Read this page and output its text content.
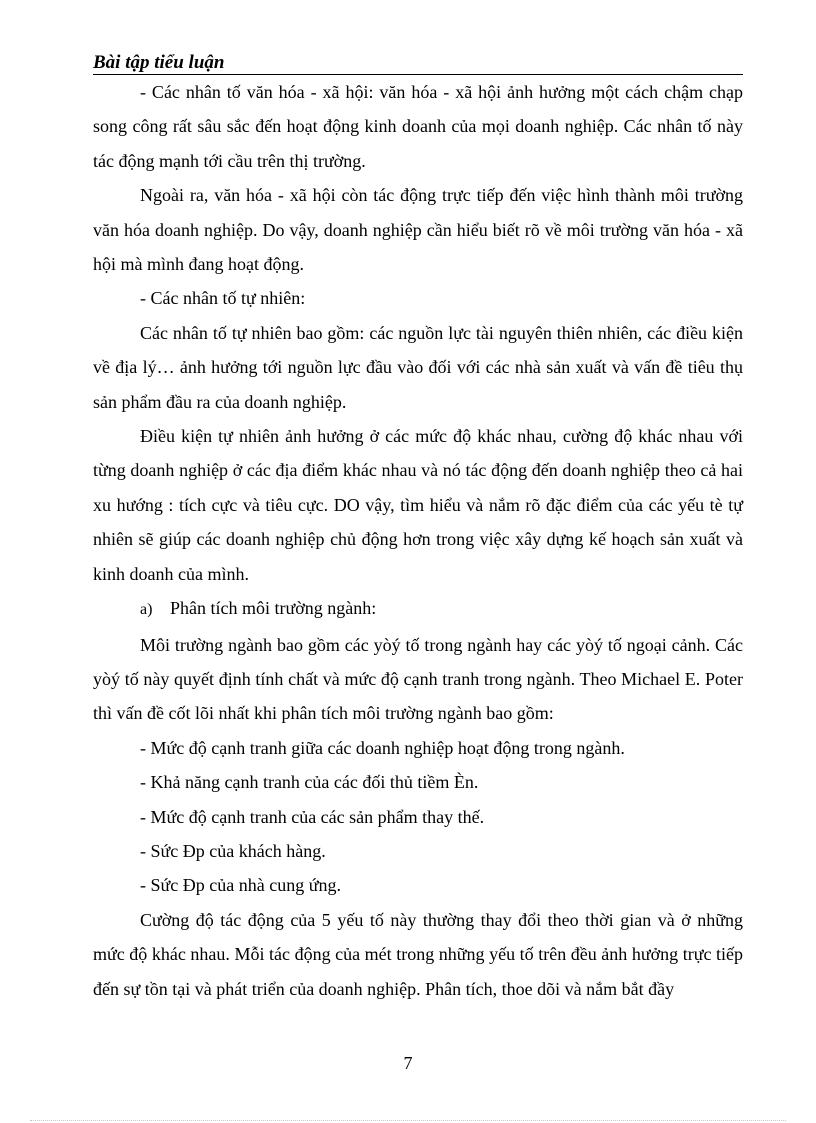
Bài tập tiểu luận

- Các nhân tố văn hóa - xã hội: văn hóa - xã hội ảnh hưởng một cách chậm chạp song công rất sâu sắc đến hoạt động kinh doanh của mọi doanh nghiệp. Các nhân tố này tác động mạnh tới cầu trên thị trường.

Ngoài ra, văn hóa - xã hội còn tác động trực tiếp đến việc hình thành môi trường văn hóa doanh nghiệp. Do vậy, doanh nghiệp cần hiểu biết rõ về môi trường văn hóa - xã hội mà mình đang hoạt động.

- Các nhân tố tự nhiên:

Các nhân tố tự nhiên bao gồm: các nguồn lực tài nguyên thiên nhiên, các điều kiện về địa lý… ảnh hưởng tới nguồn lực đầu vào đối với các nhà sản xuất và vấn đề tiêu thụ sản phẩm đầu ra của doanh nghiệp.

Điều kiện tự nhiên ảnh hưởng ở các mức độ khác nhau, cường độ khác nhau với từng doanh nghiệp ở các địa điểm khác nhau và nó tác động đến doanh nghiệp theo cả hai xu hướng : tích cực và tiêu cực. DO vậy, tìm hiểu và nắm rõ đặc điểm của các yếu tè tự nhiên sẽ giúp các doanh nghiệp chủ động hơn trong việc xây dựng kế hoạch sản xuất và kinh doanh của mình.

a) Phân tích môi trường ngành:

Môi trường ngành bao gồm các yòý tố trong ngành hay các yòý tố ngoại cảnh. Các yòý tố này quyết định tính chất và mức độ cạnh tranh trong ngành. Theo Michael E. Poter thì vấn đề cốt lõi nhất khi phân tích môi trường ngành bao gồm:

- Mức độ cạnh tranh giữa các doanh nghiệp hoạt động trong ngành.

- Khả năng cạnh tranh của các đối thủ tiềm Èn.

- Mức độ cạnh tranh của các sản phẩm thay thế.

- Sức Ðp của khách hàng.

- Sức Ðp của nhà cung ứng.

Cường độ tác động của 5 yếu tố này thường thay đổi theo thời gian và ở những mức độ khác nhau. Mỗi tác động của mét trong những yếu tố trên đều ảnh hưởng trực tiếp đến sự tồn tại và phát triển của doanh nghiệp. Phân tích, thoe dõi và nắm bắt đầy

7
